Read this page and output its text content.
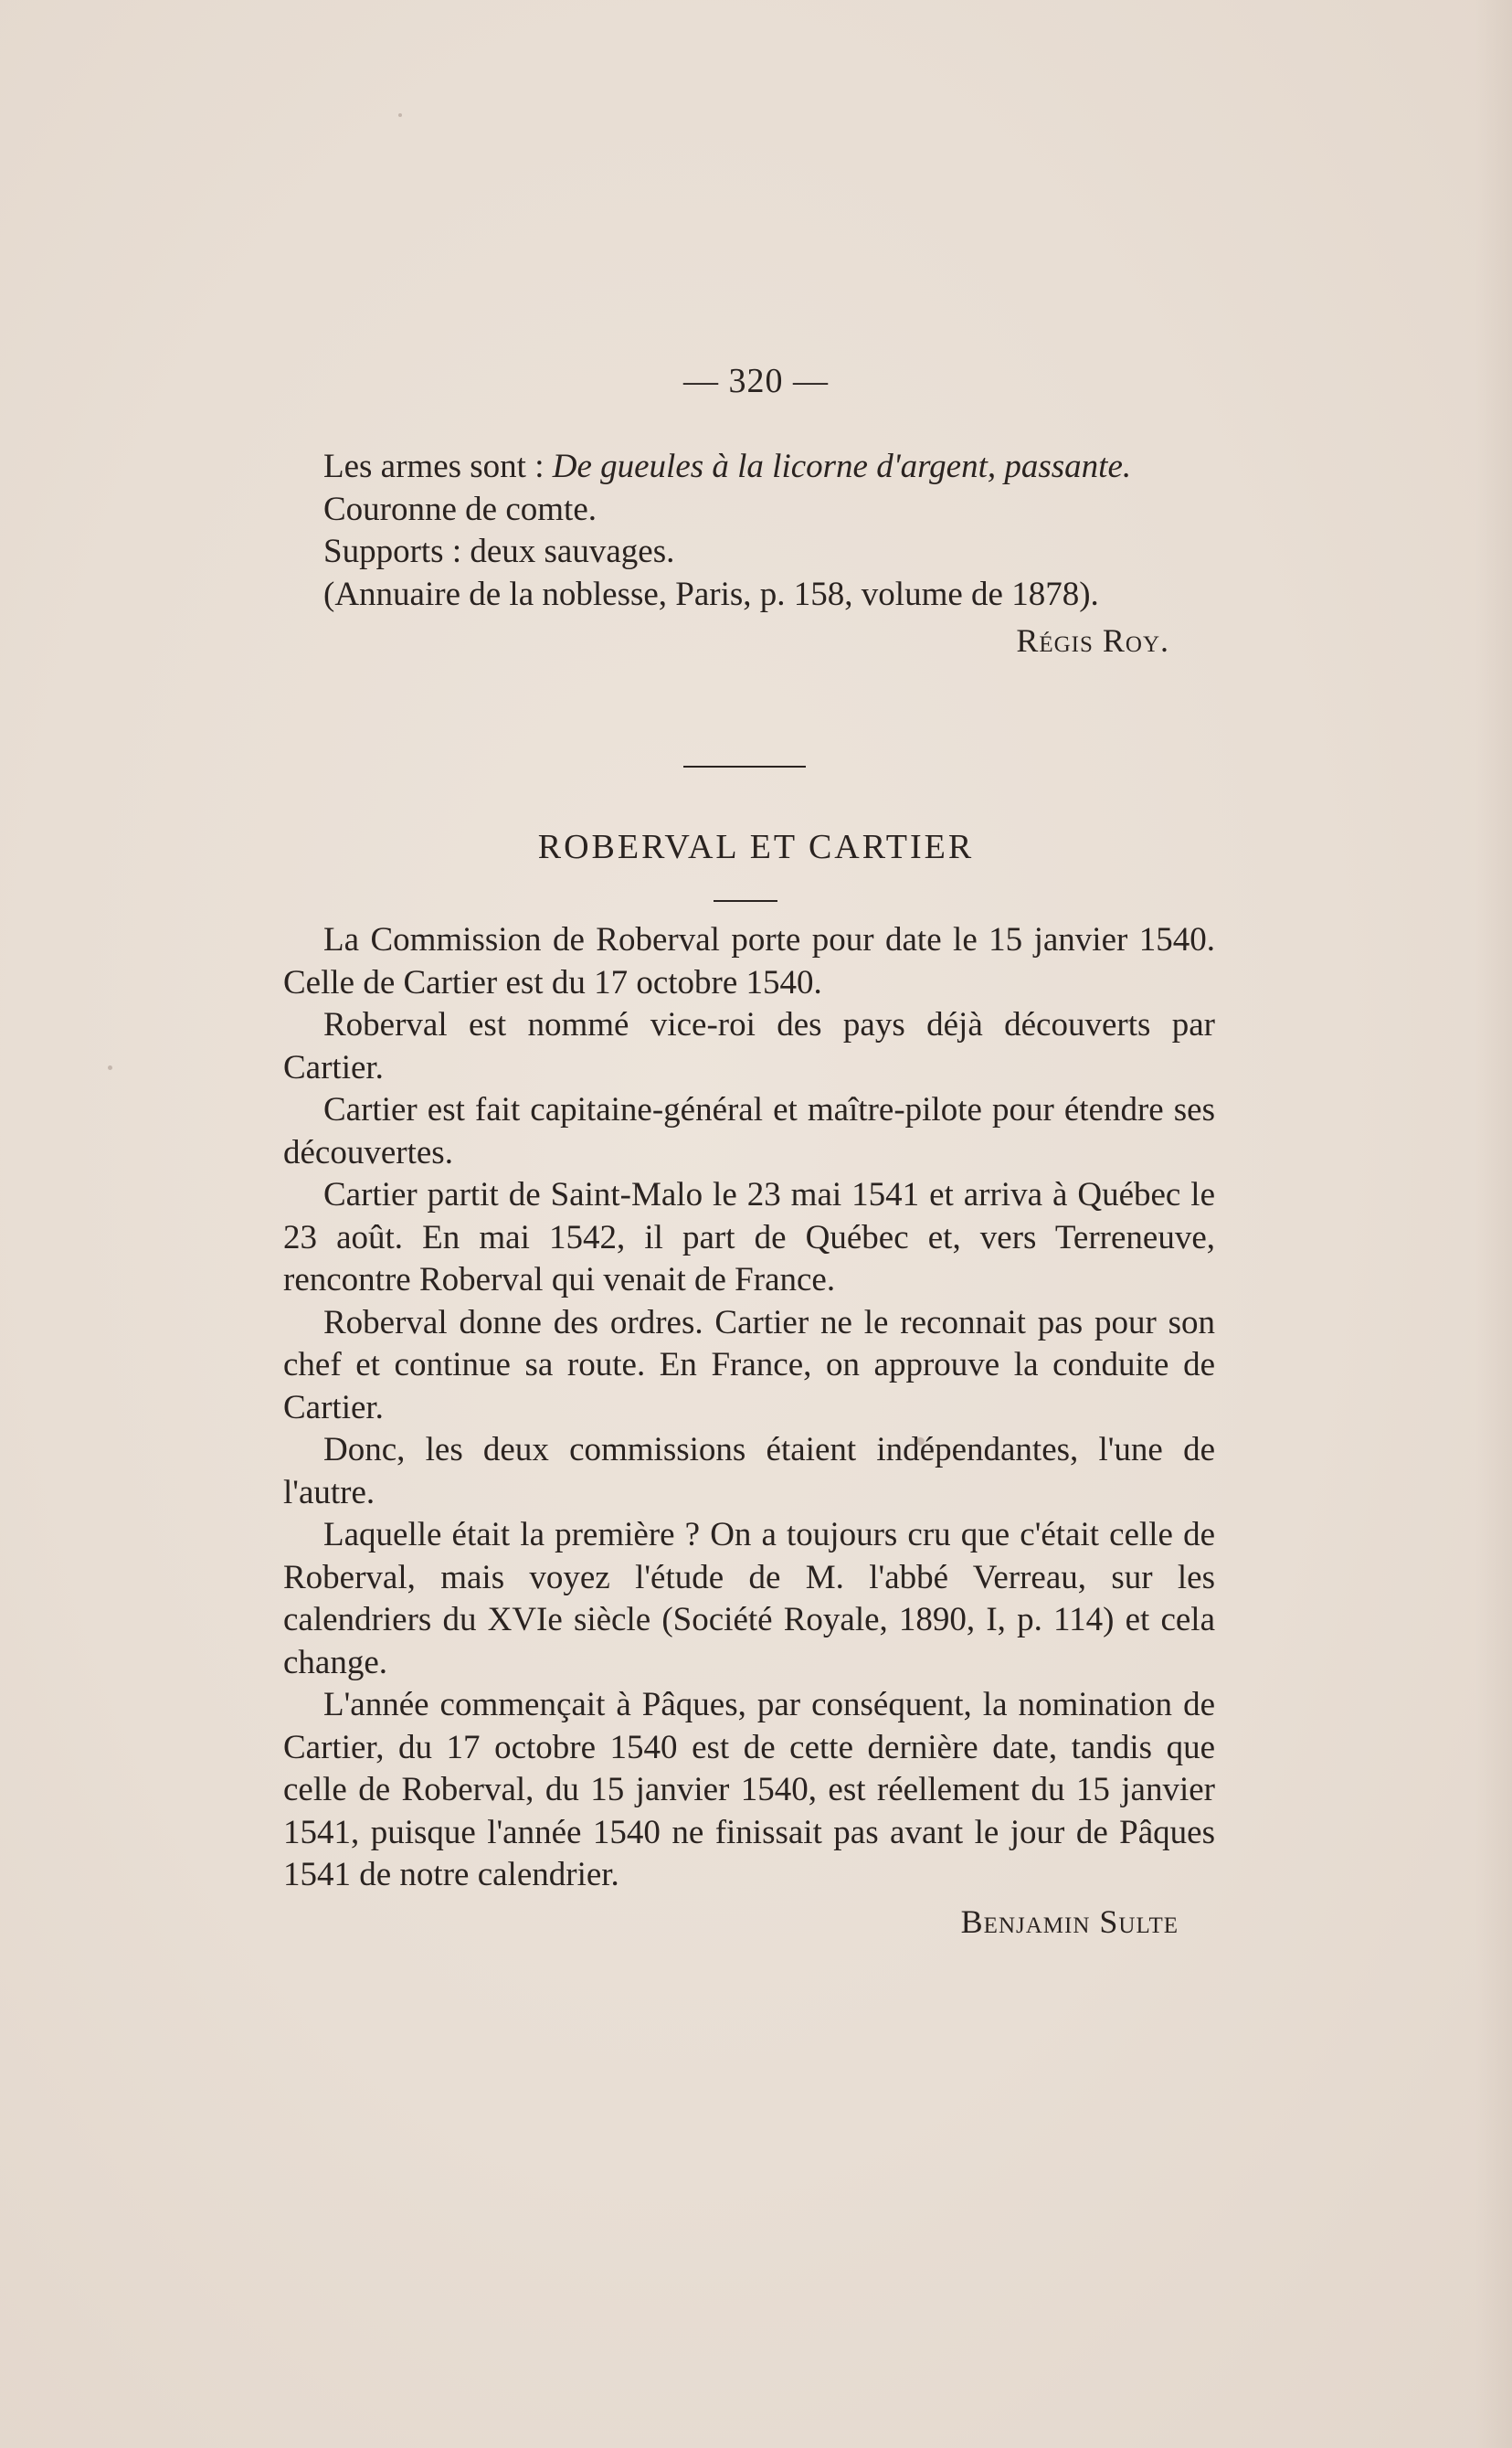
— 320 —

Les armes sont : De gueules à la licorne d'argent, passante.

Couronne de comte.

Supports : deux sauvages.

(Annuaire de la noblesse, Paris, p. 158, volume de 1878).

Régis Roy.

ROBERVAL ET CARTIER

La Commission de Roberval porte pour date le 15 janvier 1540. Celle de Cartier est du 17 octobre 1540.

Roberval est nommé vice-roi des pays déjà découverts par Cartier.

Cartier est fait capitaine-général et maître-pilote pour étendre ses découvertes.

Cartier partit de Saint-Malo le 23 mai 1541 et arriva à Québec le 23 août. En mai 1542, il part de Québec et, vers Terreneuve, rencontre Roberval qui venait de France.

Roberval donne des ordres. Cartier ne le reconnait pas pour son chef et continue sa route. En France, on approuve la conduite de Cartier.

Donc, les deux commissions étaient indépendantes, l'une de l'autre.

Laquelle était la première ? On a toujours cru que c'était celle de Roberval, mais voyez l'étude de M. l'abbé Verreau, sur les calendriers du XVIe siècle (Société Royale, 1890, I, p. 114) et cela change.

L'année commençait à Pâques, par conséquent, la nomination de Cartier, du 17 octobre 1540 est de cette dernière date, tandis que celle de Roberval, du 15 janvier 1540, est réellement du 15 janvier 1541, puisque l'année 1540 ne finissait pas avant le jour de Pâques 1541 de notre calendrier.

Benjamin Sulte
